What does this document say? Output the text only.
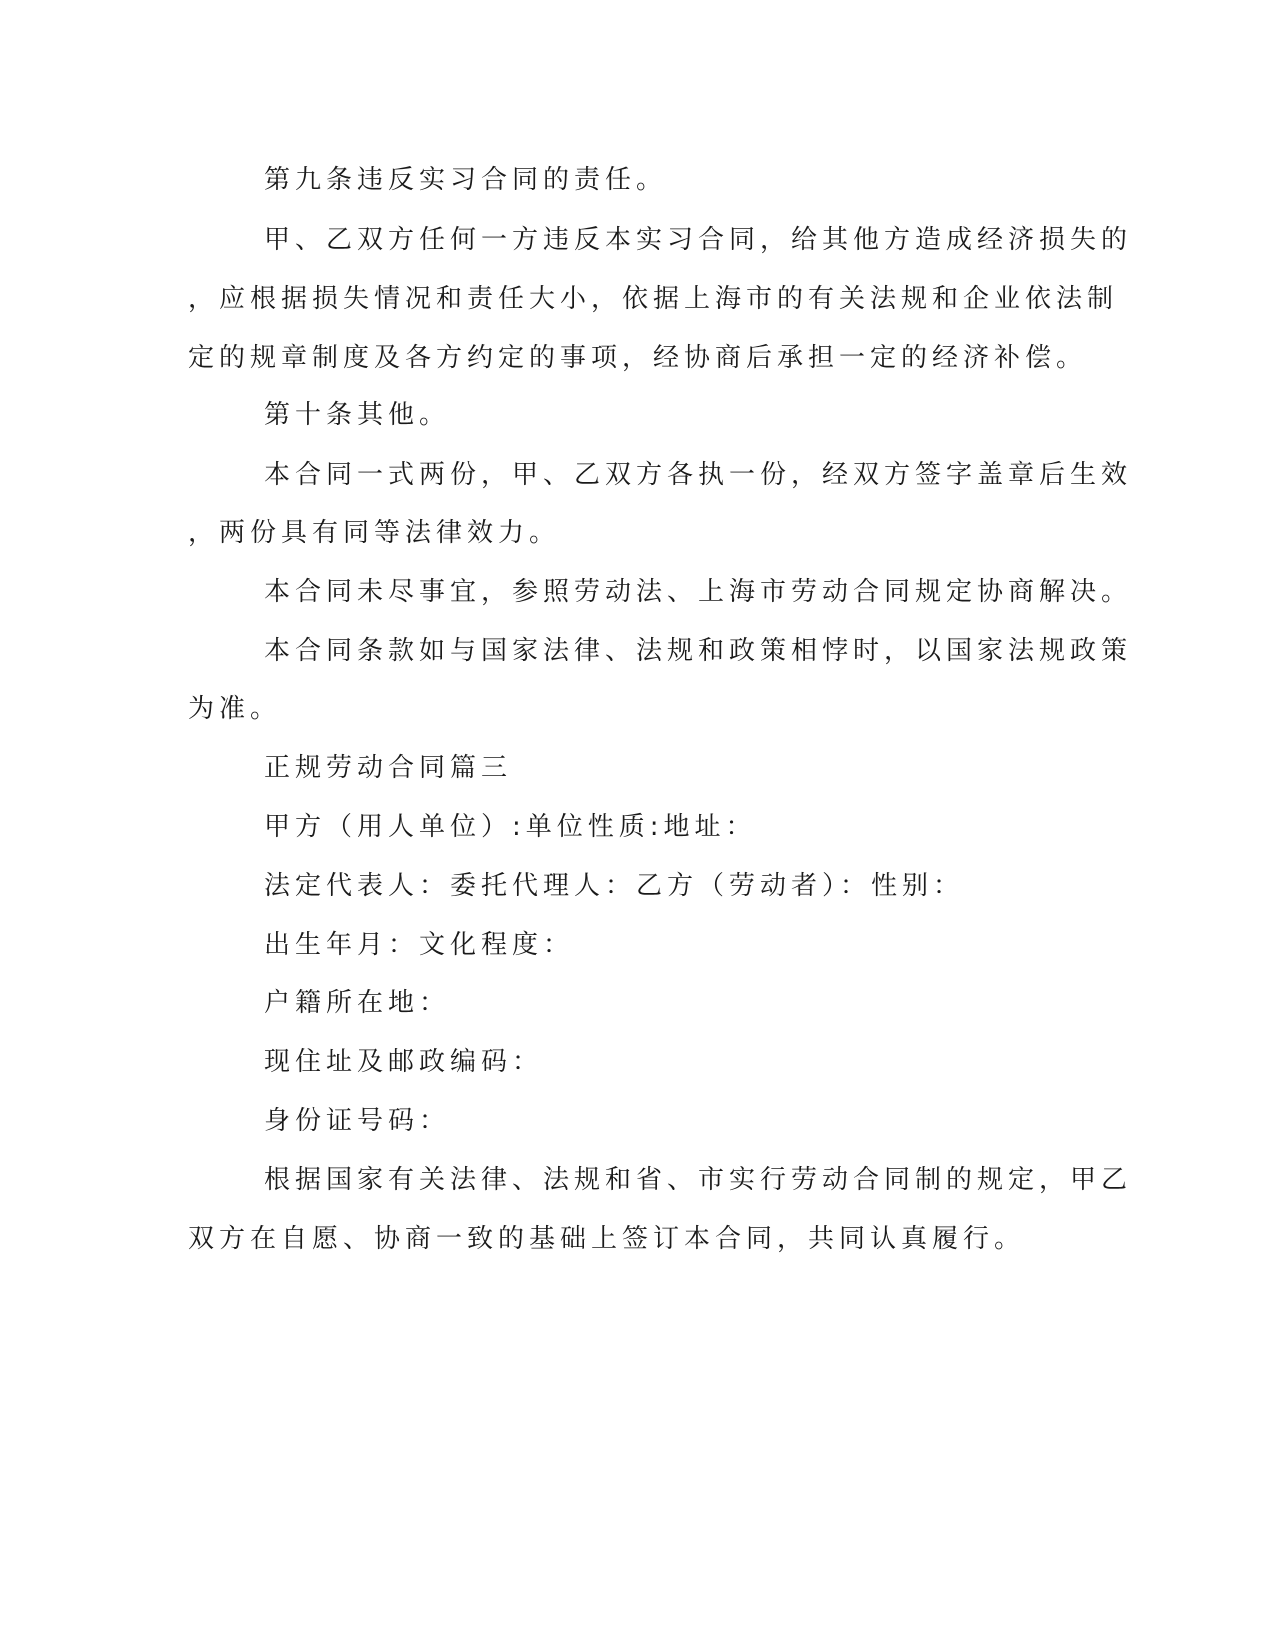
第九条违反实习合同的责任。

甲、乙双方任何一方违反本实习合同，给其他方造成经济损失的

，应根据损失情况和责任大小，依据上海市的有关法规和企业依法制

定的规章制度及各方约定的事项，经协商后承担一定的经济补偿。

第十条其他。

本合同一式两份，甲、乙双方各执一份，经双方签字盖章后生效

，两份具有同等法律效力。

本合同未尽事宜，参照劳动法、上海市劳动合同规定协商解决。

本合同条款如与国家法律、法规和政策相悖时，以国家法规政策

为准。

正规劳动合同篇三

甲方（用人单位）:单位性质:地址：

法定代表人：委托代理人：乙方（劳动者）：性别：

出生年月：文化程度：

户籍所在地：

现住址及邮政编码：

身份证号码：

根据国家有关法律、法规和省、市实行劳动合同制的规定，甲乙

双方在自愿、协商一致的基础上签订本合同，共同认真履行。
